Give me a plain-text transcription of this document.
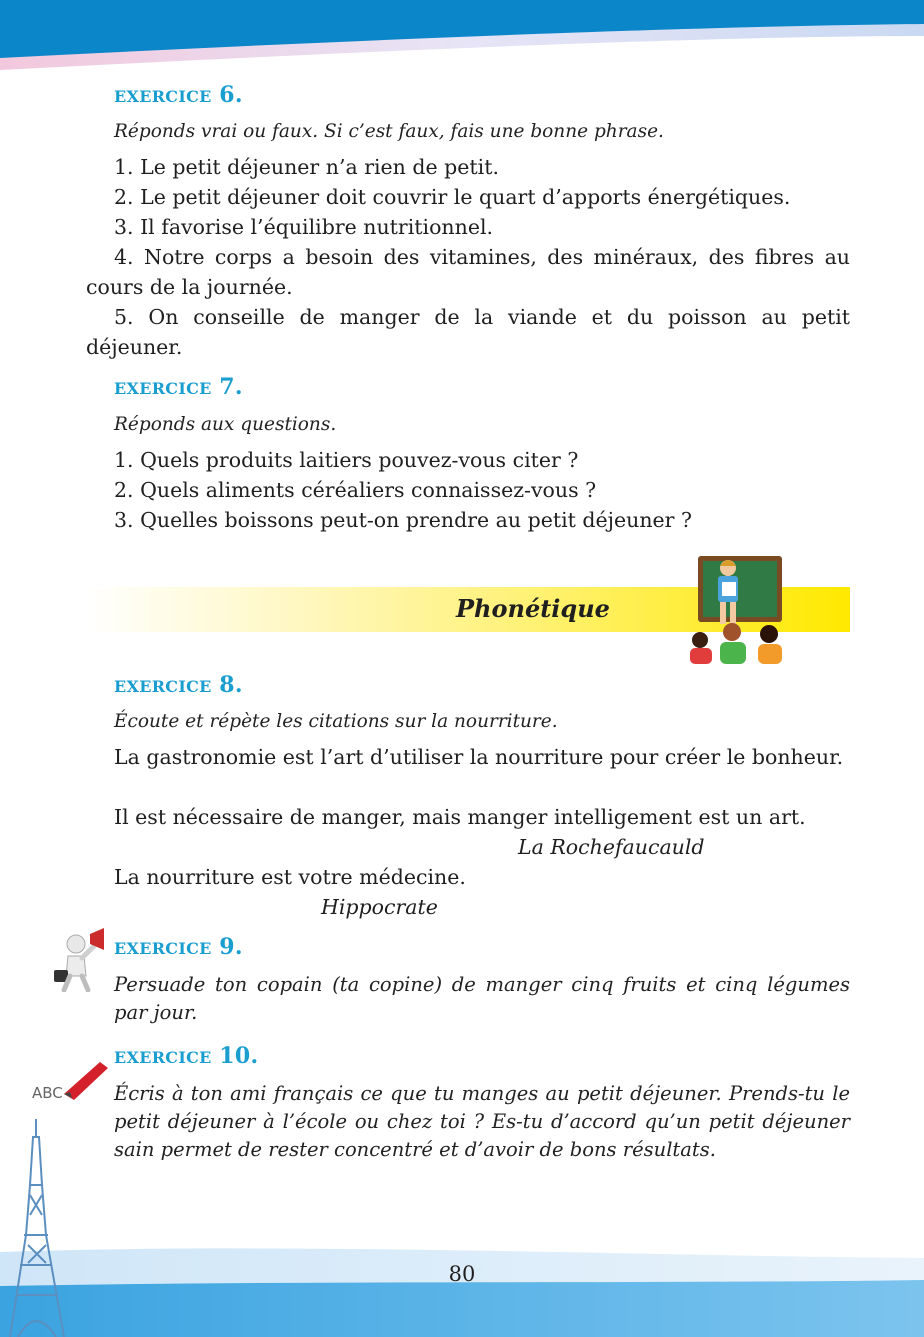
EXERCICE 6.

Réponds vrai ou faux. Si c’est faux, fais une bonne phrase.

1. Le petit déjeuner n’a rien de petit.

2. Le petit déjeuner doit couvrir le quart d’apports énergétiques.

3. Il favorise l’équilibre nutritionnel.

4. Notre corps a besoin des vitamines, des minéraux, des fibres au cours de la journée.

5. On conseille de manger de la viande et du poisson au petit déjeuner.

EXERCICE 7.

Réponds aux questions.

1. Quels produits laitiers pouvez-vous citer ?

2. Quels aliments céréaliers connaissez-vous ?

3. Quelles boissons peut-on prendre au petit déjeuner ?

Phonétique

EXERCICE 8.

Écoute et répète les citations sur la nourriture.

La gastronomie est l’art d’utiliser la nourriture pour créer le bonheur.

Il est nécessaire de manger, mais manger intelligement est un art.

La Rochefaucauld

La nourriture est votre médecine.

Hippocrate

EXERCICE 9.

Persuade ton copain (ta copine) de manger cinq fruits et cinq légumes par jour.

ABC

EXERCICE 10.

Écris à ton ami français ce que tu manges au petit déjeuner. Prends-tu le petit déjeuner à l’école ou chez toi ? Es-tu d’accord qu’un petit déjeuner sain permet de rester concentré et d’avoir de bons résultats.

80
